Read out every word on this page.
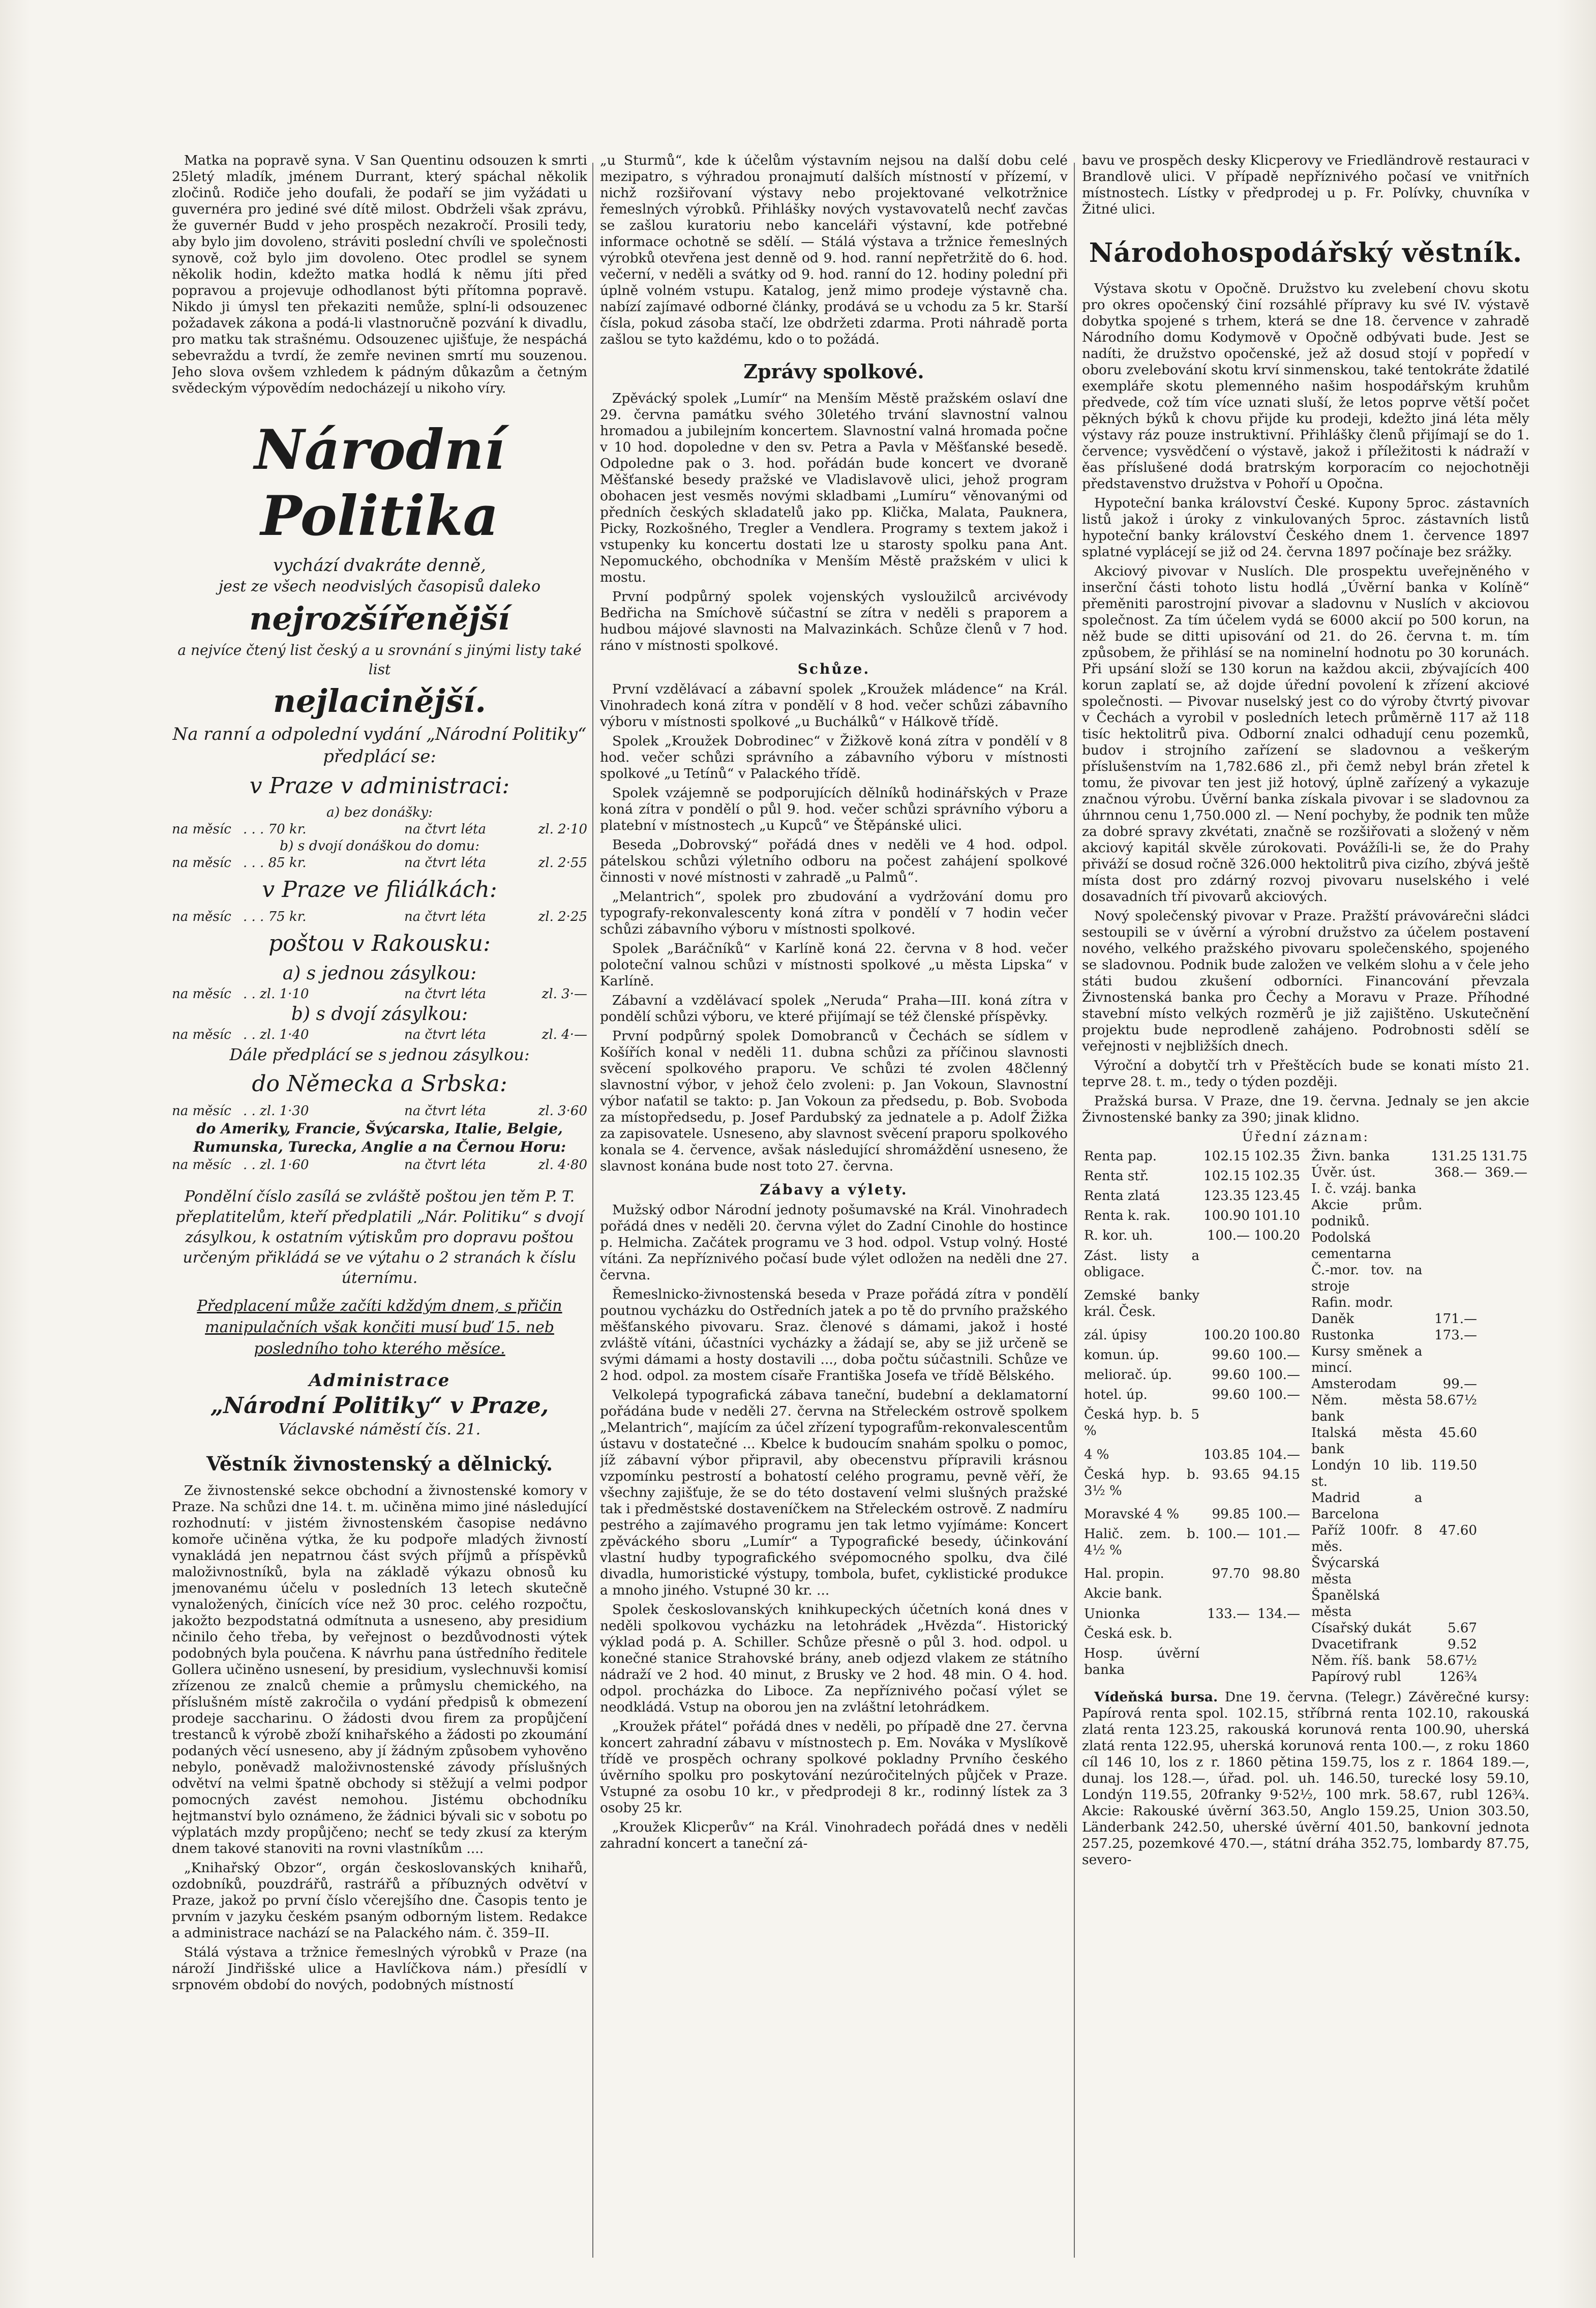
Matka na popravě syna. V San Quentinu odsouzen k smrti 25letý mladík, jménem Durrant, který spáchal několik zločinů. Rodiče jeho doufali, že podaří se jim vyžádati u guvernéra pro jediné své dítě milost. Obdrželi však zprávu, že guvernér Budd v jeho prospěch nezakročí. Prosili tedy, aby bylo jim dovoleno, stráviti poslední chvíli ve společnosti synově, což bylo jim dovoleno. Otec prodlel se synem několik hodin, kdežto matka hodlá k němu jíti před popravou a projevuje odhodlanost býti přítomna popravě. Nikdo ji úmysl ten překaziti nemůže, splní-li odsouzenec požadavek zákona a podá-li vlastnoručně pozvání k divadlu, pro matku tak strašnému. Odsouzenec ujišťuje, že nespáchá sebevraždu a tvrdí, že zemře nevinen smrtí mu souzenou. Jeho slova ovšem vzhledem k pádným důkazům a četným svědeckým výpovědím nedocházejí u nikoho víry.

Národní Politika
vychází dvakráte denně,
jest ze všech neodvislých časopisů daleko
nejrozšířenější
a nejvíce čtený list český a u srovnání s jinými listy také list
nejlacinější.
Na ranní a odpolední vydání „Národní Politiky“ předplácí se:
v Praze v administraci:
a) bez donášky:
na měsíc . . . 70 kr.	na čtvrt léta	zl. 2·10
b) s dvojí donáškou do domu:
na měsíc . . . 85 kr.	na čtvrt léta	zl. 2·55
v Praze ve filiálkách:
na měsíc . . . 75 kr.	na čtvrt léta	zl. 2·25
poštou v Rakousku:
a) s jednou zásylkou:
na měsíc . . zl. 1·10	na čtvrt léta	zl. 3·—
b) s dvojí zásylkou:
na měsíc . . zl. 1·40	na čtvrt léta	zl. 4·—
Dále předplácí se s jednou zásylkou:
do Německa a Srbska:
na měsíc . . zl. 1·30	na čtvrt léta	zl. 3·60
do Ameriky, Francie, Švýcarska, Italie, Belgie, Rumunska, Turecka, Anglie a na Černou Horu:
na měsíc . . zl. 1·60	na čtvrt léta	zl. 4·80
Pondělní číslo zasílá se zvláště poštou jen těm P. T. přeplatitelům, kteří předplatili „Nár. Politiku“ s dvojí zásylkou, k ostatním výtiskům pro dopravu poštou určeným přikládá se ve výtahu o 2 stranách k číslu úternímu.
Předplacení může začíti kdždým dnem, s přičin manipulačních však končiti musí buď 15. neb posledního toho kterého měsíce.
Administrace
„Národní Politiky“ v Praze,
Václavské náměstí čís. 21.
Věstník živnostenský a dělnický.

Ze živnostenské sekce obchodní a živnostenské komory v Praze. Na schůzi dne 14. t. m. učiněna mimo jiné následující rozhodnutí: v jistém živnostenském časopise nedávno komoře učiněna výtka, že ku podpoře mladých živností vynakládá jen nepatrnou část svých příjmů a příspěvků maloživnostníků, byla na základě výkazu obnosů ku jmenovanému účelu v posledních 13 letech skutečně vynaložených, činících více než 30 proc. celého rozpočtu, jakožto bezpodstatná odmítnuta a usneseno, aby presidium nčinilo čeho třeba, by veřejnost o bezdůvodnosti výtek podobných byla poučena. K návrhu pana ústředního ředitele Gollera učiněno usnesení, by presidium, vyslechnuvši komisí zřízenou ze znalců chemie a průmyslu chemického, na příslušném místě zakročila o vydání předpisů k obmezení prodeje saccharinu. O žádosti dvou firem za propůjčení trestanců k výrobě zboží knihařského a žádosti po zkoumání podaných věcí usneseno, aby jí žádným způsobem vyhověno nebylo, poněvadž maloživnostenské závody příslušných odvětví na velmi špatně obchody si stěžují a velmi podpor pomocných zavést nemohou. Jistému obchodníku hejtmanství bylo oznámeno, že žádnici bývali sic v sobotu po výplatách mzdy propůjčeno; nechť se tedy zkusí za kterým dnem takové stanoviti na rovni vlastníkům ....

„Knihařský Obzor“, orgán českoslovanských knihařů, ozdobníků, pouzdrářů, rastrářů a příbuzných odvětví v Praze, jakož po první číslo včerejšího dne. Časopis tento je prvním v jazyku českém psaným odborným listem. Redakce a administrace nachází se na Palackého nám. č. 359–II.

Stálá výstava a tržnice řemeslných výrobků v Praze (na nároží Jindřišské ulice a Havlíčkova nám.) přesídlí v srpnovém období do nových, podobných místností

„u Sturmů“, kde k účelům výstavním nejsou na další dobu celé mezipatro, s výhradou pronajmutí dalších místností v přízemí, v nichž rozšiřovaní výstavy nebo projektované velkotržnice řemeslných výrobků. Přihlášky nových vystavovatelů nechť zavčas se zašlou kuratoriu nebo kanceláři výstavní, kde potřebné informace ochotně se sdělí. — Stálá výstava a tržnice řemeslných výrobků otevřena jest denně od 9. hod. ranní nepřetržitě do 6. hod. večerní, v neděli a svátky od 9. hod. ranní do 12. hodiny polední při úplně volném vstupu. Katalog, jenž mimo prodeje výstavně cha. nabízí zajímavé odborné články, prodává se u vchodu za 5 kr. Starší čísla, pokud zásoba stačí, lze obdržeti zdarma. Proti náhradě porta zašlou se tyto každému, kdo o to požádá.

Zprávy spolkové.

Zpěvácký spolek „Lumír“ na Menším Městě pražském oslaví dne 29. června památku svého 30letého trvání slavnostní valnou hromadou a jubilejním koncertem. Slavnostní valná hromada počne v 10 hod. dopoledne v den sv. Petra a Pavla v Měšťanské besedě. Odpoledne pak o 3. hod. pořádán bude koncert ve dvoraně Měšťanské besedy pražské ve Vladislavově ulici, jehož program obohacen jest vesměs novými skladbami „Lumíru“ věnovanými od předních českých skladatelů jako pp. Klička, Malata, Pauknera, Picky, Rozkošného, Tregler a Vendlera. Programy s textem jakož i vstupenky ku koncertu dostati lze u starosty spolku pana Ant. Nepomuckého, obchodníka v Menším Městě pražském v ulici k mostu.

První podpůrný spolek vojenských vysloužilců arcivévody Bedřicha na Smíchově súčastní se zítra v neděli s praporem a hudbou májové slavnosti na Malvazinkách. Schůze členů v 7 hod. ráno v místnosti spolkové.

Schůze.

První vzdělávací a zábavní spolek „Kroužek mládence“ na Král. Vinohradech koná zítra v pondělí v 8 hod. večer schůzi zábavního výboru v místnosti spolkové „u Buchálků“ v Hálkově třídě.

Spolek „Kroužek Dobrodinec“ v Žižkově koná zítra v pondělí v 8 hod. večer schůzi správního a zábavního výboru v místnosti spolkové „u Tetínů“ v Palackého třídě.

Spolek vzájemně se podporujících dělníků hodinářských v Praze koná zítra v pondělí o půl 9. hod. večer schůzi správního výboru a platební v místnostech „u Kupců“ ve Štěpánské ulici.

Beseda „Dobrovský“ pořádá dnes v neděli ve 4 hod. odpol. pátelskou schůzi výletního odboru na počest zahájení spolkové činnosti v nové místnosti v zahradě „u Palmů“.

„Melantrich“, spolek pro zbudování a vydržování domu pro typografy-rekonvalescenty koná zítra v pondělí v 7 hodin večer schůzi zábavního výboru v místnosti spolkové.

Spolek „Baráčníků“ v Karlíně koná 22. června v 8 hod. večer poloteční valnou schůzi v místnosti spolkové „u města Lipska“ v Karlíně.

Zábavní a vzdělávací spolek „Neruda“ Praha—III. koná zítra v pondělí schůzi výboru, ve které přijímají se též členské příspěvky.

První podpůrný spolek Domobranců v Čechách se sídlem v Košířích konal v neděli 11. dubna schůzi za příčinou slavnosti svěcení spolkového praporu. Ve schůzi té zvolen 48členný slavnostní výbor, v jehož čelo zvoleni: p. Jan Vokoun, Slavnostní výbor naťatil se takto: p. Jan Vokoun za předsedu, p. Bob. Svoboda za místopředsedu, p. Josef Pardubský za jednatele a p. Adolf Žižka za zapisovatele. Usneseno, aby slavnost svěcení praporu spolkového konala se 4. července, avšak následující shromáždění usneseno, že slavnost konána bude nost toto 27. června.

Zábavy a výlety.

Mužský odbor Národní jednoty pošumavské na Král. Vinohradech pořádá dnes v neděli 20. června výlet do Zadní Cinohle do hostince p. Helmicha. Začátek programu ve 3 hod. odpol. Vstup volný. Hosté vítáni. Za nepříznivého počasí bude výlet odložen na neděli dne 27. června.

Řemeslnicko-živnostenská beseda v Praze pořádá zítra v pondělí poutnou vycházku do Ostředních jatek a po tě do prvního pražského měšťanského pivovaru. Sraz. členové s dámami, jakož i hosté zvláště vítáni, účastníci vycházky a žádají se, aby se již určeně se svými dámami a hosty dostavili ..., doba počtu súčastnili. Schůze ve 2 hod. odpol. za mostem císaře Františka Josefa ve třídě Bělského.

Velkolepá typografická zábava taneční, budební a deklamatorní pořádána bude v neděli 27. června na Střeleckém ostrově spolkem „Melantrich“, majícím za účel zřízení typografům-rekonvalescentům ústavu v dostatečné ... Kbelce k budoucím snahám spolku o pomoc, jíž zábavní výbor připravil, aby obecenstvu přípravili krásnou vzpomínku pestrostí a bohatostí celého programu, pevně věří, že všechny zajišťuje, že se do této dostavení velmi slušných pražské tak i předměstské dostaveníčkem na Střeleckém ostrově. Z nadmíru pestrého a zajímavého programu jen tak letmo vyjímáme: Koncert zpěváckého sboru „Lumír“ a Typografické besedy, účinkování vlastní hudby typografického svépomocného spolku, dva čilé divadla, humoristické výstupy, tombola, bufet, cyklistické produkce a mnoho jiného. Vstupné 30 kr. ...

Spolek českoslovanských knihkupeckých účetních koná dnes v neděli spolkovou vycházku na letohrádek „Hvězda“. Historický výklad podá p. A. Schiller. Schůze přesně o půl 3. hod. odpol. u konečné stanice Strahovské brány, aneb odjezd vlakem ze státního nádraží ve 2 hod. 40 minut, z Brusky ve 2 hod. 48 min. O 4. hod. odpol. procházka do Liboce. Za nepříznivého počasí výlet se neodkládá. Vstup na oborou jen na zvláštní letohrádkem.

„Kroužek přátel“ pořádá dnes v neděli, po případě dne 27. června koncert zahradní zábavu v místnostech p. Em. Nováka v Myslíkově třídě ve prospěch ochrany spolkové pokladny Prvního českého úvěrního spolku pro poskytování nezúročitelných půjček v Praze. Vstupné za osobu 10 kr., v předprodeji 8 kr., rodinný lístek za 3 osoby 25 kr.

„Kroužek Klicperův“ na Král. Vinohradech pořádá dnes v neděli zahradní koncert a taneční zá-

bavu ve prospěch desky Klicperovy ve Friedländrově restauraci v Brandlově ulici. V případě nepříznivého počasí ve vnitřních místnostech. Lístky v předprodej u p. Fr. Polívky, chuvníka v Žitné ulici.

Národohospodářský věstník.

Výstava skotu v Opočně. Družstvo ku zvelebení chovu skotu pro okres opočenský činí rozsáhlé přípravy ku své IV. výstavě dobytka spojené s trhem, která se dne 18. července v zahradě Národního domu Kodymově v Opočně odbývati bude. Jest se nadíti, že družstvo opočenské, jež až dosud stojí v popředí v oboru zvelebování skotu krví sinmenskou, také tentokráte ždatilé exempláře skotu plemenného našim hospodářským kruhům předvede, což tím více uznati sluší, že letos poprve větší počet pěkných býků k chovu přijde ku prodeji, kdežto jiná léta měly výstavy ráz pouze instruktivní. Přihlášky členů přijímají se do 1. července; vysvědčení o výstavě, jakož i příležitosti k nádraží v ěas příslušené dodá bratrským korporacím co nejochotněji představenstvo družstva v Pohoří u Opočna.

Hypoteční banka království České. Kupony 5proc. zástavních listů jakož i úroky z vinkulovaných 5proc. zástavních listů hypoteční banky království Českého dnem 1. července 1897 splatné vyplácejí se již od 24. června 1897 počínaje bez srážky.

Akciový pivovar v Nuslích. Dle prospektu uveřejněného v inserční části tohoto listu hodlá „Úvěrní banka v Kolíně“ přeměniti parostrojní pivovar a sladovnu v Nuslích v akciovou společnost. Za tím účelem vydá se 6000 akcií po 500 korun, na něž bude se ditti upisování od 21. do 26. června t. m. tím způsobem, že přihlásí se na nominelní hodnotu po 30 korunách. Při upsání složí se 130 korun na každou akcii, zbývajících 400 korun zaplatí se, až dojde úřední povolení k zřízení akciové společnosti. — Pivovar nuselský jest co do výroby čtvrtý pivovar v Čechách a vyrobil v posledních letech průměrně 117 až 118 tisíc hektolitrů piva. Odborní znalci odhadují cenu pozemků, budov i strojního zařízení se sladovnou a veškerým příslušenstvím na 1,782.686 zl., při čemž nebyl brán zřetel k tomu, že pivovar ten jest již hotový, úplně zařízený a vykazuje značnou výrobu. Úvěrní banka získala pivovar i se sladovnou za úhrnnou cenu 1,750.000 zl. — Není pochyby, že podnik ten může za dobré spravy zkvétati, značně se rozšiřovati a složený v něm akciový kapitál skvěle zúrokovati. Povážíli-li se, že do Prahy přiváží se dosud ročně 326.000 hektolitrů piva cizího, zbývá ještě místa dost pro zdárný rozvoj pivovaru nuselského i velé dosavadních tří pivovarů akciových.

Nový společenský pivovar v Praze. Pražští právovárečni sládci sestoupili se v úvěrní a výrobní družstvo za účelem postavení nového, velkého pražského pivovaru společenského, spojeného se sladovnou. Podnik bude založen ve velkém slohu a v čele jeho státi budou zkušení odborníci. Financování převzala Živnostenská banka pro Čechy a Moravu v Praze. Příhodné stavební místo velkých rozměrů je již zajištěno. Uskutečnění projektu bude neprodleně zahájeno. Podrobnosti sdělí se veřejnosti v nejbližších dnech.

Výroční a dobytčí trh v Přeštěcích bude se konati místo 21. teprve 28. t. m., tedy o týden později.

Pražská bursa. V Praze, dne 19. června. Jednaly se jen akcie Živnostenské banky za 390; jinak klidno.

Úřední záznam:
Renta pap.	102.15	102.35
Renta stř.	102.15	102.35
Renta zlatá	123.35	123.45
Renta k. rak.	100.90	101.10
R. kor. uh.	100.—	100.20
Zást. listy a obligace.		
Zemské banky král. Česk.		
zál. úpisy	100.20	100.80
komun. úp.	99.60	100.—
meliorač. úp.	99.60	100.—
hotel. úp.	99.60	100.—
Česká hyp. b. 5 %		
4 %	103.85	104.—
Česká hyp. b. 3½ %	93.65	94.15
Moravské 4 %	99.85	100.—
Halič. zem. b. 4½ %	100.—	101.—
Hal. propin.	97.70	98.80
Akcie bank.		
Unionka	133.—	134.—
Česká esk. b.		
Hosp. úvěrní banka		
Živn. banka	131.25	131.75
Úvěr. úst.	368.—	369.—
I. č. vzáj. banka		
Akcie prům. podniků.		
Podolská cementarna		
Č.-mor. tov. na stroje		
Rafin. modr.		
Daněk	171.—	
Rustonka	173.—	
Kursy směnek a mincí.		
Amsterodam	99.—	
Něm. města bank	58.67½	
Italská města bank	45.60	
Londýn 10 lib. st.	119.50	
Madrid a Barcelona		
Paříž 100fr. 8 měs.	47.60	
Švýcarská města		
Španělská města		
Císařský dukát	5.67	
Dvacetifrank	9.52	
Něm. říš. bank	58.67½	
Papírový rubl	126¾	

Vídeňská bursa. Dne 19. června. (Telegr.) Závěrečné kursy: Papírová renta spol. 102.15, stříbrná renta 102.10, rakouská zlatá renta 123.25, rakouská korunová renta 100.90, uherská zlatá renta 122.95, uherská korunová renta 100.—, z roku 1860 cíl 146 10, los z r. 1860 pětina 159.75, los z r. 1864 189.—, dunaj. los 128.—, úřad. pol. uh. 146.50, turecké losy 59.10, Londýn 119.55, 20franky 9·52½, 100 mrk. 58.67, rubl 126¾. Akcie: Rakouské úvěrní 363.50, Anglo 159.25, Union 303.50, Länderbank 242.50, uherské úvěrní 401.50, bankovní jednota 257.25, pozemkové 470.—, státní dráha 352.75, lombardy 87.75, severo-
